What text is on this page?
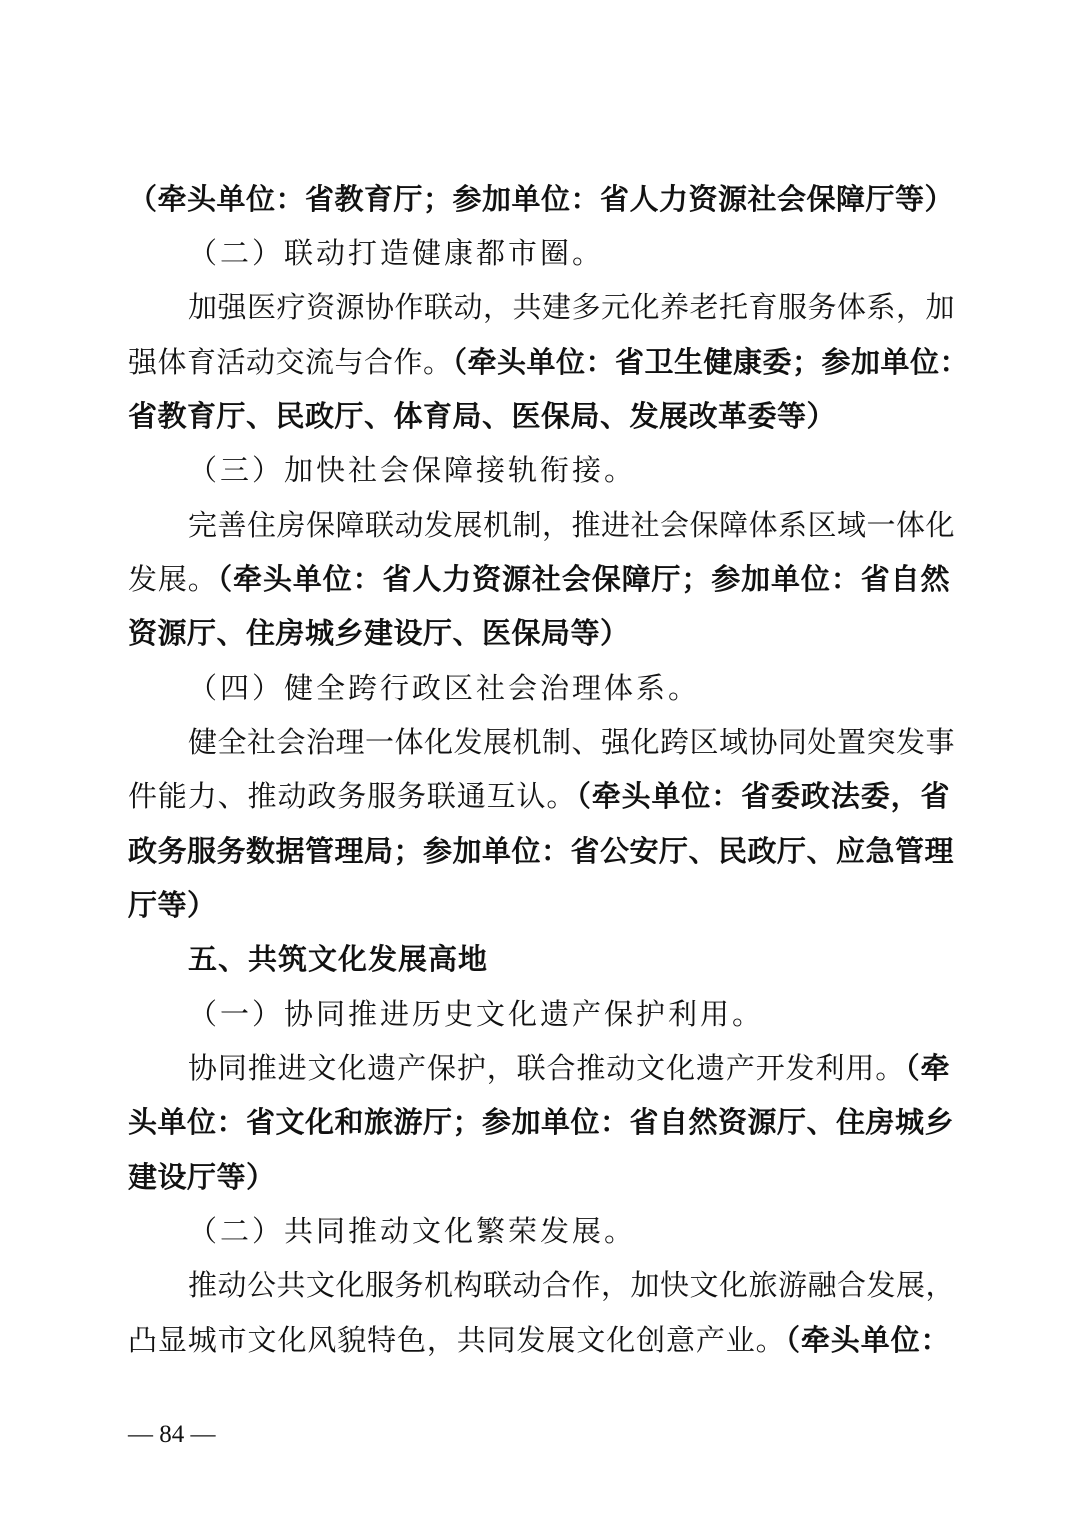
（牵头单位：省教育厅；参加单位：省人力资源社会保障厅等）
（二）联动打造健康都市圈。
加强医疗资源协作联动，共建多元化养老托育服务体系，加
强体育活动交流与合作。（牵头单位：省卫生健康委；参加单位：
省教育厅、民政厅、体育局、医保局、发展改革委等）
（三）加快社会保障接轨衔接。
完善住房保障联动发展机制，推进社会保障体系区域一体化
发展。（牵头单位：省人力资源社会保障厅；参加单位：省自然
资源厅、住房城乡建设厅、医保局等）
（四）健全跨行政区社会治理体系。
健全社会治理一体化发展机制、强化跨区域协同处置突发事
件能力、推动政务服务联通互认。（牵头单位：省委政法委，省
政务服务数据管理局；参加单位：省公安厅、民政厅、应急管理
厅等）
五、共筑文化发展高地
（一）协同推进历史文化遗产保护利用。
协同推进文化遗产保护，联合推动文化遗产开发利用。（牵
头单位：省文化和旅游厅；参加单位：省自然资源厅、住房城乡
建设厅等）
（二）共同推动文化繁荣发展。
推动公共文化服务机构联动合作，加快文化旅游融合发展，
凸显城市文化风貌特色，共同发展文化创意产业。（牵头单位：
— 84 —
